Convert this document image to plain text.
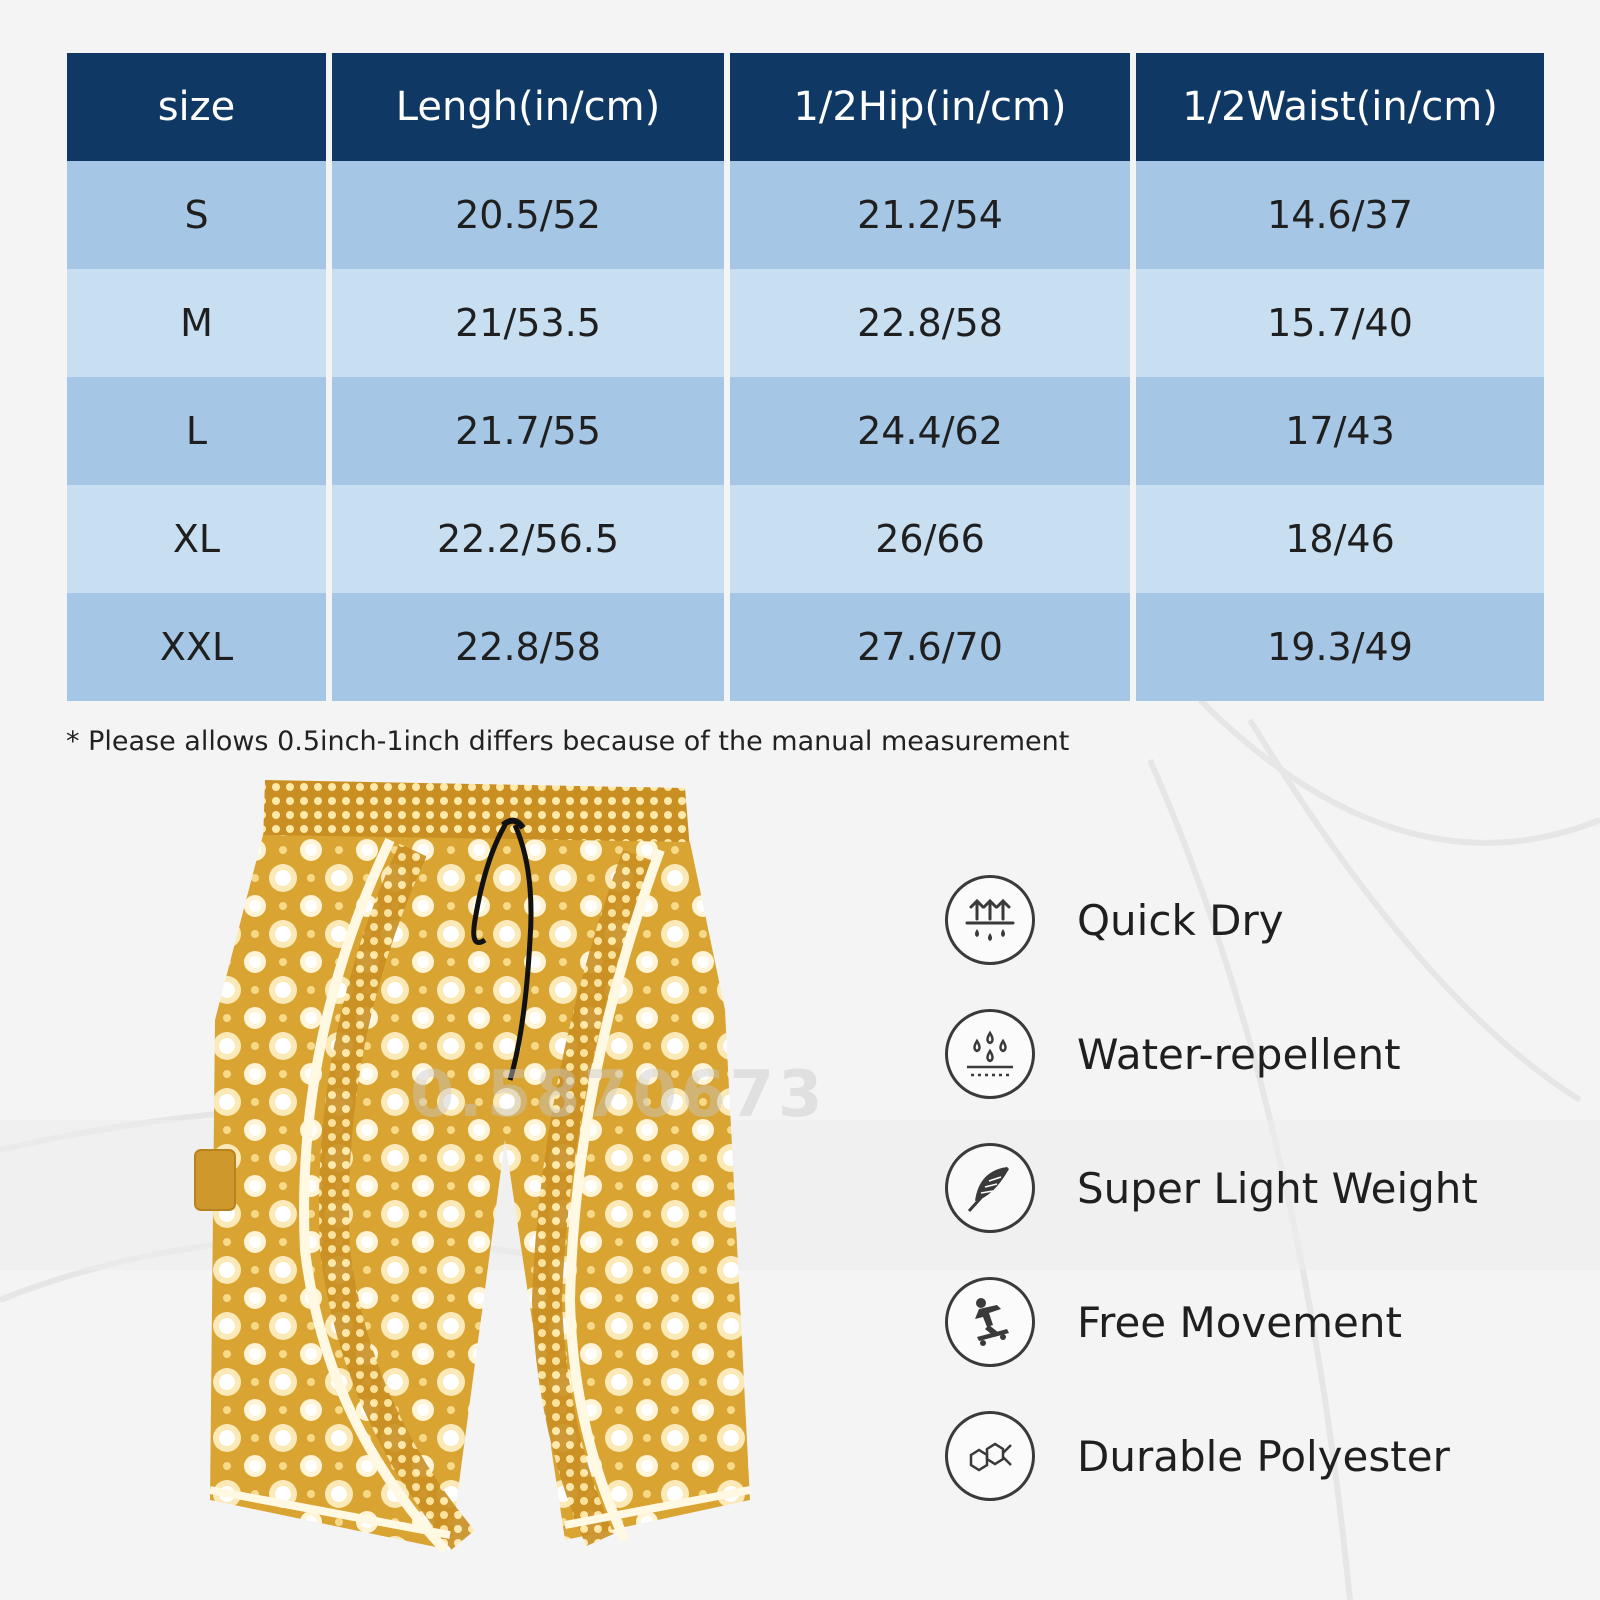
size	Lengh(in/cm)	1/2Hip(in/cm)	1/2Waist(in/cm)
S	20.5/52	21.2/54	14.6/37
M	21/53.5	22.8/58	15.7/40
L	21.7/55	24.4/62	17/43
XL	22.2/56.5	26/66	18/46
XXL	22.8/58	27.6/70	19.3/49
* Please allows 0.5inch-1inch differs because of the manual measurement
0.5870673
Quick Dry
Water-repellent
Super Light Weight
Free Movement
Durable Polyester
